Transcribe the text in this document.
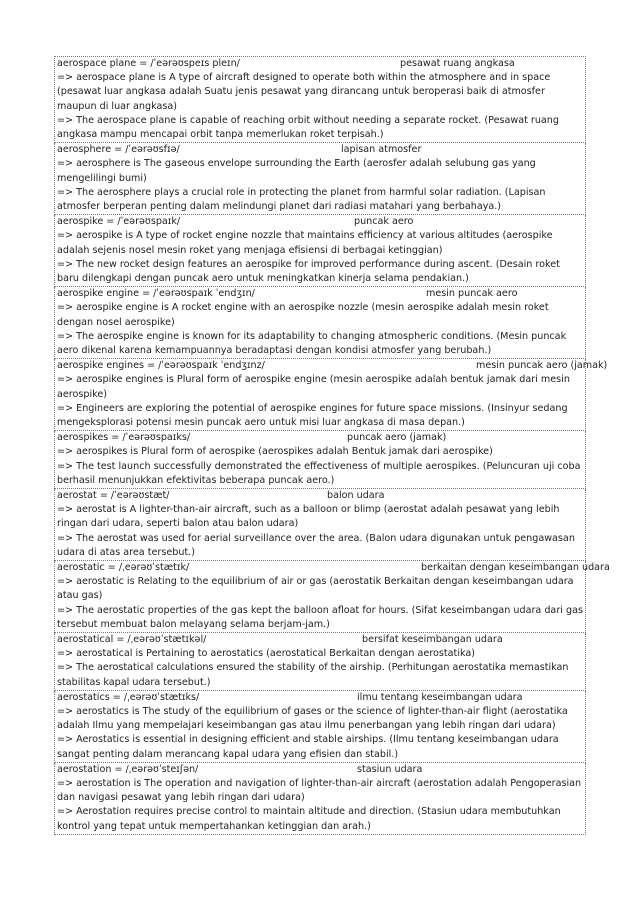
aerospace plane = /ˈeərəʊspeɪs pleɪn/	pesawat ruang angkasa
=> aerospace plane is A type of aircraft designed to operate both within the atmosphere and in space (pesawat luar angkasa adalah Suatu jenis pesawat yang dirancang untuk beroperasi baik di atmosfer maupun di luar angkasa)
=> The aerospace plane is capable of reaching orbit without needing a separate rocket. (Pesawat ruang angkasa mampu mencapai orbit tanpa memerlukan roket terpisah.)
aerosphere = /ˈeərəʊsfɪə/	lapisan atmosfer
=> aerosphere is The gaseous envelope surrounding the Earth (aerosfer adalah selubung gas yang mengelilingi bumi)
=> The aerosphere plays a crucial role in protecting the planet from harmful solar radiation. (Lapisan atmosfer berperan penting dalam melindungi planet dari radiasi matahari yang berbahaya.)
aerospike = /ˈeərəʊspaɪk/	puncak aero
=> aerospike is A type of rocket engine nozzle that maintains efficiency at various altitudes (aerospike adalah sejenis nosel mesin roket yang menjaga efisiensi di berbagai ketinggian)
=> The new rocket design features an aerospike for improved performance during ascent. (Desain roket baru dilengkapi dengan puncak aero untuk meningkatkan kinerja selama pendakian.)
aerospike engine = /ˈeərəʊspaɪk ˈendʒɪn/	mesin puncak aero
=> aerospike engine is A rocket engine with an aerospike nozzle (mesin aerospike adalah mesin roket dengan nosel aerospike)
=> The aerospike engine is known for its adaptability to changing atmospheric conditions. (Mesin puncak aero dikenal karena kemampuannya beradaptasi dengan kondisi atmosfer yang berubah.)
aerospike engines = /ˈeərəʊspaɪk ˈendʒɪnz/	mesin puncak aero (jamak)
=> aerospike engines is Plural form of aerospike engine (mesin aerospike adalah bentuk jamak dari mesin aerospike)
=> Engineers are exploring the potential of aerospike engines for future space missions. (Insinyur sedang mengeksplorasi potensi mesin puncak aero untuk misi luar angkasa di masa depan.)
aerospikes = /ˈeərəʊspaɪks/	puncak aero (jamak)
=> aerospikes is Plural form of aerospike (aerospikes adalah Bentuk jamak dari aerospike)
=> The test launch successfully demonstrated the effectiveness of multiple aerospikes. (Peluncuran uji coba berhasil menunjukkan efektivitas beberapa puncak aero.)
aerostat = /ˈeərəʊstæt/	balon udara
=> aerostat is A lighter-than-air aircraft, such as a balloon or blimp (aerostat adalah pesawat yang lebih ringan dari udara, seperti balon atau balon udara)
=> The aerostat was used for aerial surveillance over the area. (Balon udara digunakan untuk pengawasan udara di atas area tersebut.)
aerostatic = /ˌeərəʊˈstætɪk/	berkaitan dengan keseimbangan udara
=> aerostatic is Relating to the equilibrium of air or gas (aerostatik Berkaitan dengan keseimbangan udara atau gas)
=> The aerostatic properties of the gas kept the balloon afloat for hours. (Sifat keseimbangan udara dari gas tersebut membuat balon melayang selama berjam-jam.)
aerostatical = /ˌeərəʊˈstætɪkəl/	bersifat keseimbangan udara
=> aerostatical is Pertaining to aerostatics (aerostatical Berkaitan dengan aerostatika)
=> The aerostatical calculations ensured the stability of the airship. (Perhitungan aerostatika memastikan stabilitas kapal udara tersebut.)
aerostatics = /ˌeərəʊˈstætɪks/	ilmu tentang keseimbangan udara
=> aerostatics is The study of the equilibrium of gases or the science of lighter-than-air flight (aerostatika adalah Ilmu yang mempelajari keseimbangan gas atau ilmu penerbangan yang lebih ringan dari udara)
=> Aerostatics is essential in designing efficient and stable airships. (Ilmu tentang keseimbangan udara sangat penting dalam merancang kapal udara yang efisien dan stabil.)
aerostation = /ˌeərəʊˈsteɪʃən/	stasiun udara
=> aerostation is The operation and navigation of lighter-than-air aircraft (aerostation adalah Pengoperasian dan navigasi pesawat yang lebih ringan dari udara)
=> Aerostation requires precise control to maintain altitude and direction. (Stasiun udara membutuhkan kontrol yang tepat untuk mempertahankan ketinggian dan arah.)
